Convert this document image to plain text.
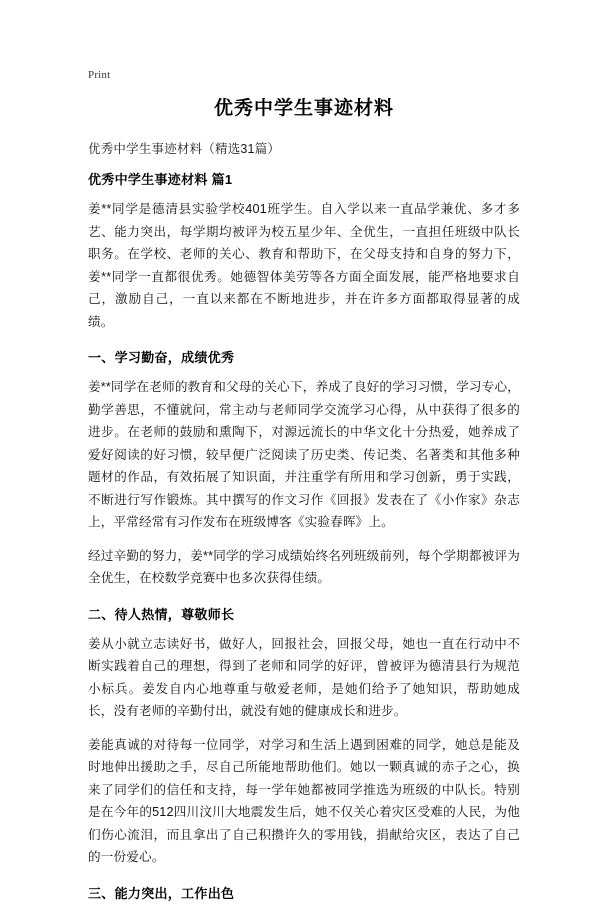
Print
优秀中学生事迹材料
优秀中学生事迹材料（精选31篇）
优秀中学生事迹材料 篇1

姜**同学是德清县实验学校401班学生。自入学以来一直品学兼优、多才多艺、能力突出，每学期均被评为校五星少年、全优生，一直担任班级中队长职务。在学校、老师的关心、教育和帮助下，在父母支持和自身的努力下，姜**同学一直都很优秀。她德智体美劳等各方面全面发展，能严格地要求自己，激励自己，一直以来都在不断地进步，并在许多方面都取得显著的成绩。

一、学习勤奋，成绩优秀

姜**同学在老师的教育和父母的关心下，养成了良好的学习习惯，学习专心，勤学善思，不懂就问，常主动与老师同学交流学习心得，从中获得了很多的进步。在老师的鼓励和熏陶下，对源远流长的中华文化十分热爱，她养成了爱好阅读的好习惯，较早便广泛阅读了历史类、传记类、名著类和其他多种题材的作品，有效拓展了知识面，并注重学有所用和学习创新，勇于实践，不断进行写作锻炼。其中撰写的作文习作《回报》发表在了《小作家》杂志上，平常经常有习作发布在班级博客《实验春晖》上。

经过辛勤的努力，姜**同学的学习成绩始终名列班级前列，每个学期都被评为全优生，在校数学竞赛中也多次获得佳绩。

二、待人热情，尊敬师长

姜从小就立志读好书，做好人，回报社会，回报父母，她也一直在行动中不断实践着自己的理想，得到了老师和同学的好评，曾被评为德清县行为规范小标兵。姜发自内心地尊重与敬爱老师，是她们给予了她知识，帮助她成长，没有老师的辛勤付出，就没有她的健康成长和进步。

姜能真诚的对待每一位同学，对学习和生活上遇到困难的同学，她总是能及时地伸出援助之手，尽自己所能地帮助他们。她以一颗真诚的赤子之心，换来了同学们的信任和支持，每一学年她都被同学推选为班级的中队长。特别是在今年的512四川汶川大地震发生后，她不仅关心着灾区受难的人民，为他们伤心流泪，而且拿出了自己积攒许久的零用钱，捐献给灾区，表达了自己的一份爱心。

三、能力突出，工作出色
